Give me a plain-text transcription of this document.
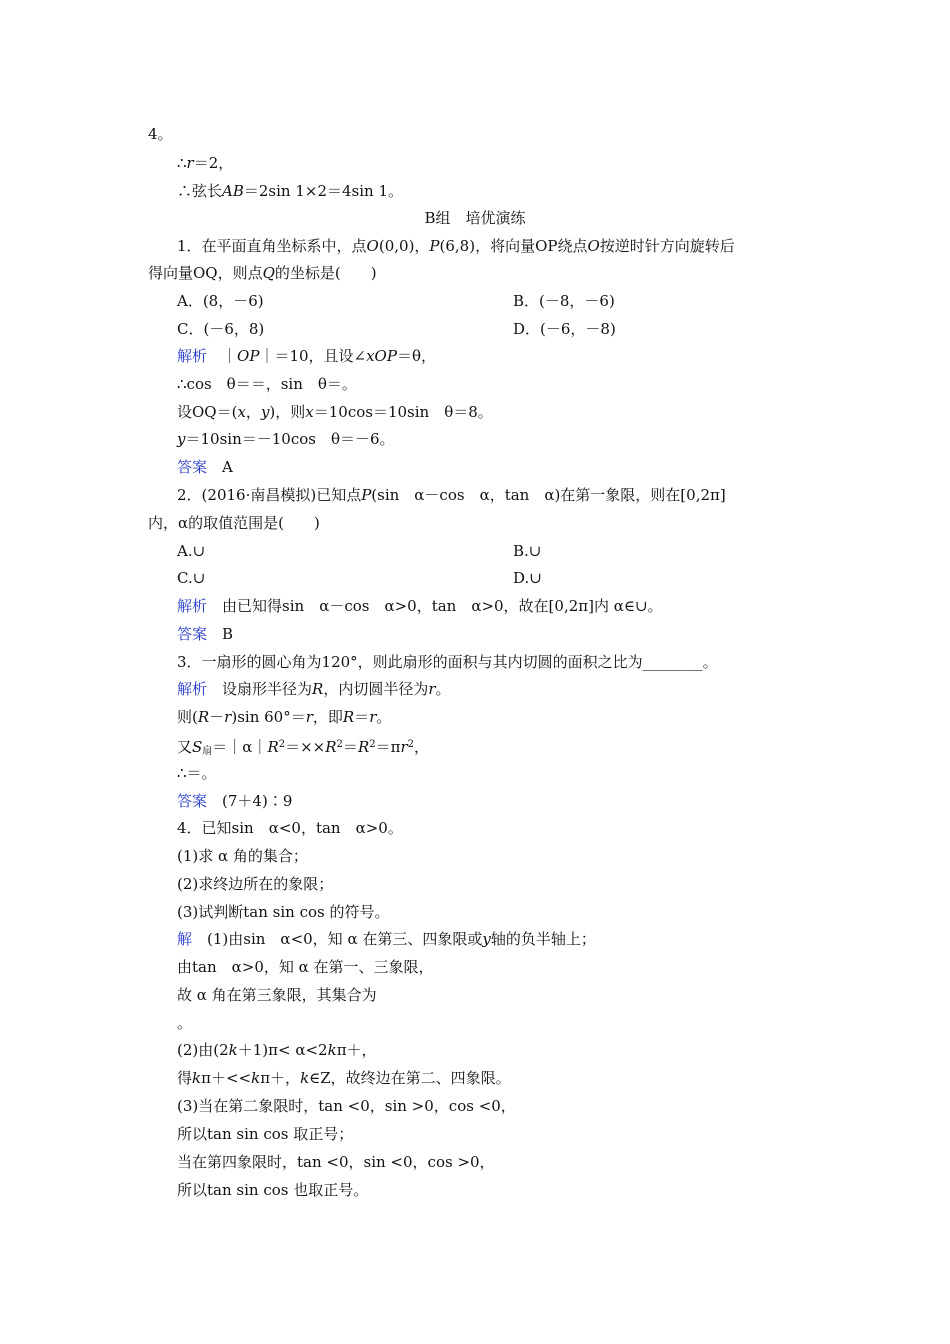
4。
∴r＝2，
∴弦长AB＝2sin 1×2＝4sin 1。
B组　培优演练
1．在平面直角坐标系中，点O(0,0)，P(6,8)，将向量OP绕点O按逆时针方向旋转后
得向量OQ，则点Q的坐标是(　　)
A．(8，－6)	B．(－8，－6)
C．(－6，8)	D．(－6，－8)
解析　 ｜OP｜＝10，且设∠xOP＝θ，
∴cos　θ＝＝，sin　θ＝。
设OQ＝(x，y)，则x＝10cos＝10sin　θ＝8。
y＝10sin＝－10cos　θ＝－6。
答案　 A
2．(2016·南昌模拟)已知点P(sin　α－cos　α，tan　α)在第一象限，则在[0,2π]
内，α的取值范围是(　　)
A.∪	B.∪
C.∪	D.∪
解析　 由已知得sin　α－cos　α>0，tan　α>0，故在[0,2π]内 α∈∪。
答案　 B
3．一扇形的圆心角为120°，则此扇形的面积与其内切圆的面积之比为________。
解析　 设扇形半径为R，内切圆半径为r。
则(R－r)sin 60°＝r，即R＝r。
又$S_扇=|\alpha|R^2=\times\times R^2=R^2=\pi r^2$，
∴＝。
答案　 (7＋4)∶9
4．已知sin　α<0，tan　α>0。
(1)求 α 角的集合；
(2)求终边所在的象限；
(3)试判断tan sin cos 的符号。
解　 (1)由sin　α<0，知 α 在第三、四象限或y轴的负半轴上；
由tan　α>0，知 α 在第一、三象限，
故 α 角在第三象限，其集合为
。
(2)由(2k＋1)π< α<2kπ＋，
得kπ＋<<kπ＋，k∈Z，故终边在第二、四象限。
(3)当在第二象限时，tan <0，sin >0，cos <0，
所以tan sin cos 取正号；
当在第四象限时，tan <0，sin <0，cos >0，
所以tan sin cos 也取正号。
